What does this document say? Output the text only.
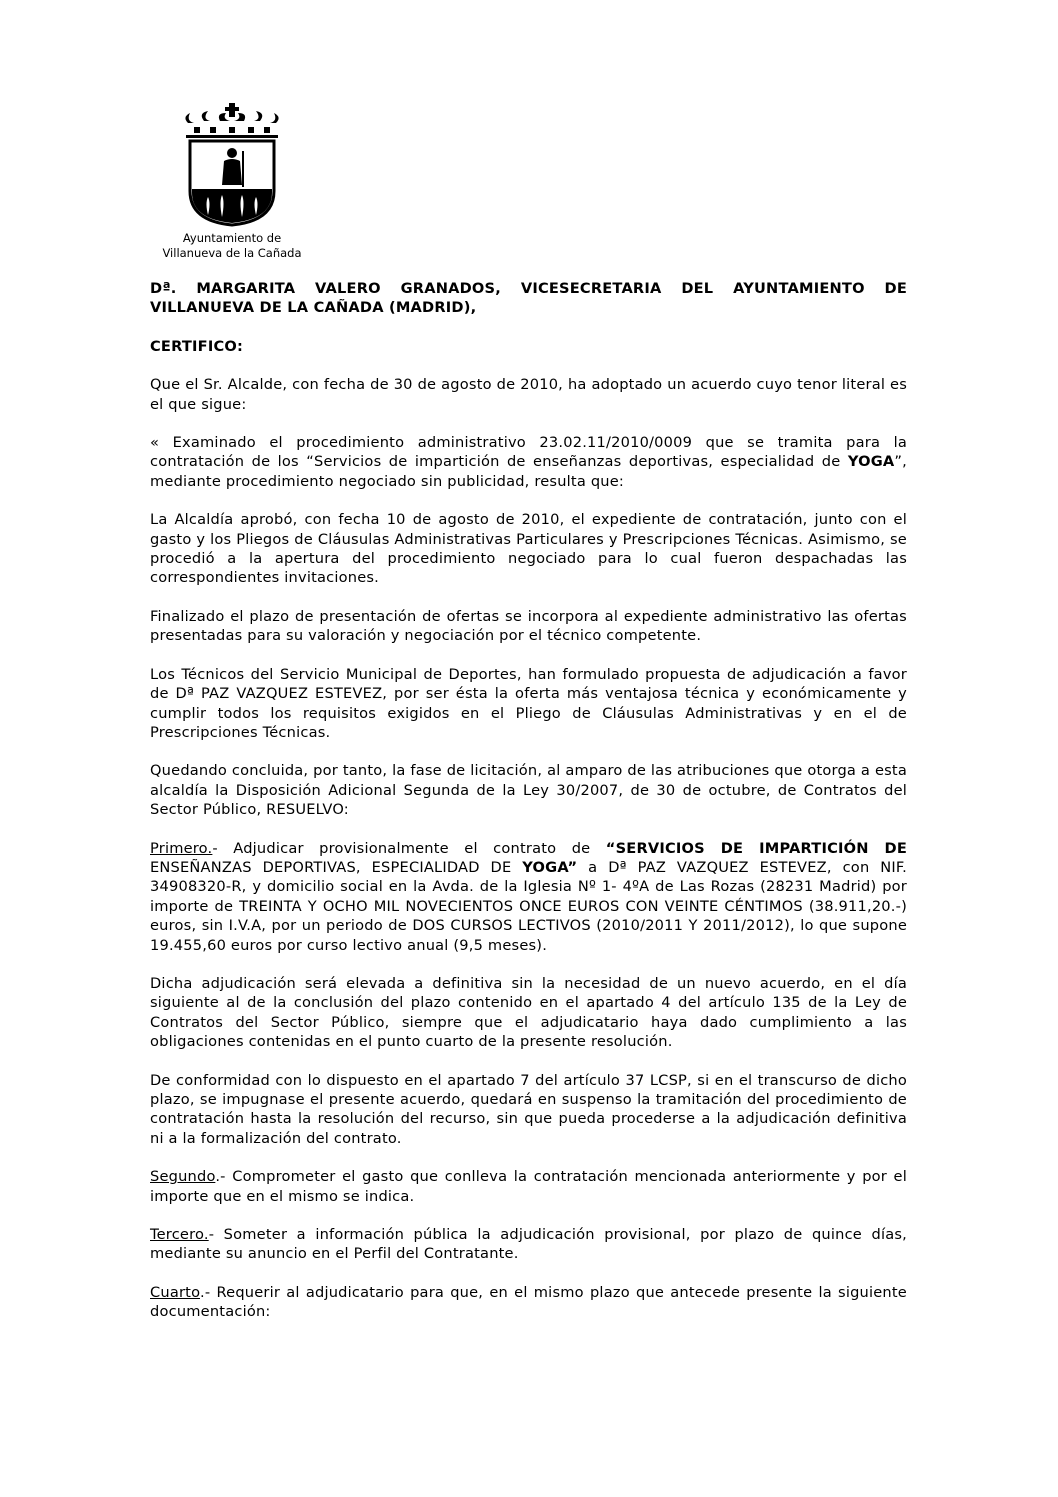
Ayuntamiento de
Villanueva de la Cañada

Dª. MARGARITA VALERO GRANADOS, VICESECRETARIA DEL AYUNTAMIENTO DE VILLANUEVA DE LA CAÑADA (MADRID),

CERTIFICO:

Que el Sr. Alcalde, con fecha de 30 de agosto de 2010, ha adoptado un acuerdo cuyo tenor literal es el que sigue:

« Examinado el procedimiento administrativo 23.02.11/2010/0009 que se tramita para la contratación de los “Servicios de impartición de enseñanzas deportivas, especialidad de YOGA”, mediante procedimiento negociado sin publicidad, resulta que:

La Alcaldía aprobó, con fecha 10 de agosto de 2010, el expediente de contratación, junto con el gasto y los Pliegos de Cláusulas Administrativas Particulares y Prescripciones Técnicas. Asimismo, se procedió a la apertura del procedimiento negociado para lo cual fueron despachadas las correspondientes invitaciones.

Finalizado el plazo de presentación de ofertas se incorpora al expediente administrativo las ofertas presentadas para su valoración y negociación por el técnico competente.

Los Técnicos del Servicio Municipal de Deportes, han formulado propuesta de adjudicación a favor de Dª PAZ VAZQUEZ ESTEVEZ, por ser ésta la oferta más ventajosa técnica y económicamente y cumplir todos los requisitos exigidos en el Pliego de Cláusulas Administrativas y en el de Prescripciones Técnicas.

Quedando concluida, por tanto, la fase de licitación, al amparo de las atribuciones que otorga a esta alcaldía la Disposición Adicional Segunda de la Ley 30/2007, de 30 de octubre, de Contratos del Sector Público, RESUELVO:

Primero.- Adjudicar provisionalmente el contrato de “SERVICIOS DE IMPARTICIÓN DE ENSEÑANZAS DEPORTIVAS, ESPECIALIDAD DE YOGA” a Dª PAZ VAZQUEZ ESTEVEZ, con NIF. 34908320-R, y domicilio social en la Avda. de la Iglesia Nº 1- 4ºA de Las Rozas (28231 Madrid) por importe de TREINTA Y OCHO MIL NOVECIENTOS ONCE EUROS CON VEINTE CÉNTIMOS (38.911,20.-) euros, sin I.V.A, por un periodo de DOS CURSOS LECTIVOS (2010/2011 Y 2011/2012), lo que supone 19.455,60 euros por curso lectivo anual (9,5 meses).

Dicha adjudicación será elevada a definitiva sin la necesidad de un nuevo acuerdo, en el día siguiente al de la conclusión del plazo contenido en el apartado 4 del artículo 135 de la Ley de Contratos del Sector Público, siempre que el adjudicatario haya dado cumplimiento a las obligaciones contenidas en el punto cuarto de la presente resolución.

De conformidad con lo dispuesto en el apartado 7 del artículo 37 LCSP, si en el transcurso de dicho plazo, se impugnase el presente acuerdo, quedará en suspenso la tramitación del procedimiento de contratación hasta la resolución del recurso, sin que pueda procederse a la adjudicación definitiva ni a la formalización del contrato.

Segundo.- Comprometer el gasto que conlleva la contratación mencionada anteriormente y por el importe que en el mismo se indica.

Tercero.- Someter a información pública la adjudicación provisional, por plazo de quince días, mediante su anuncio en el Perfil del Contratante.

Cuarto.- Requerir al adjudicatario para que, en el mismo plazo que antecede presente la siguiente documentación:
